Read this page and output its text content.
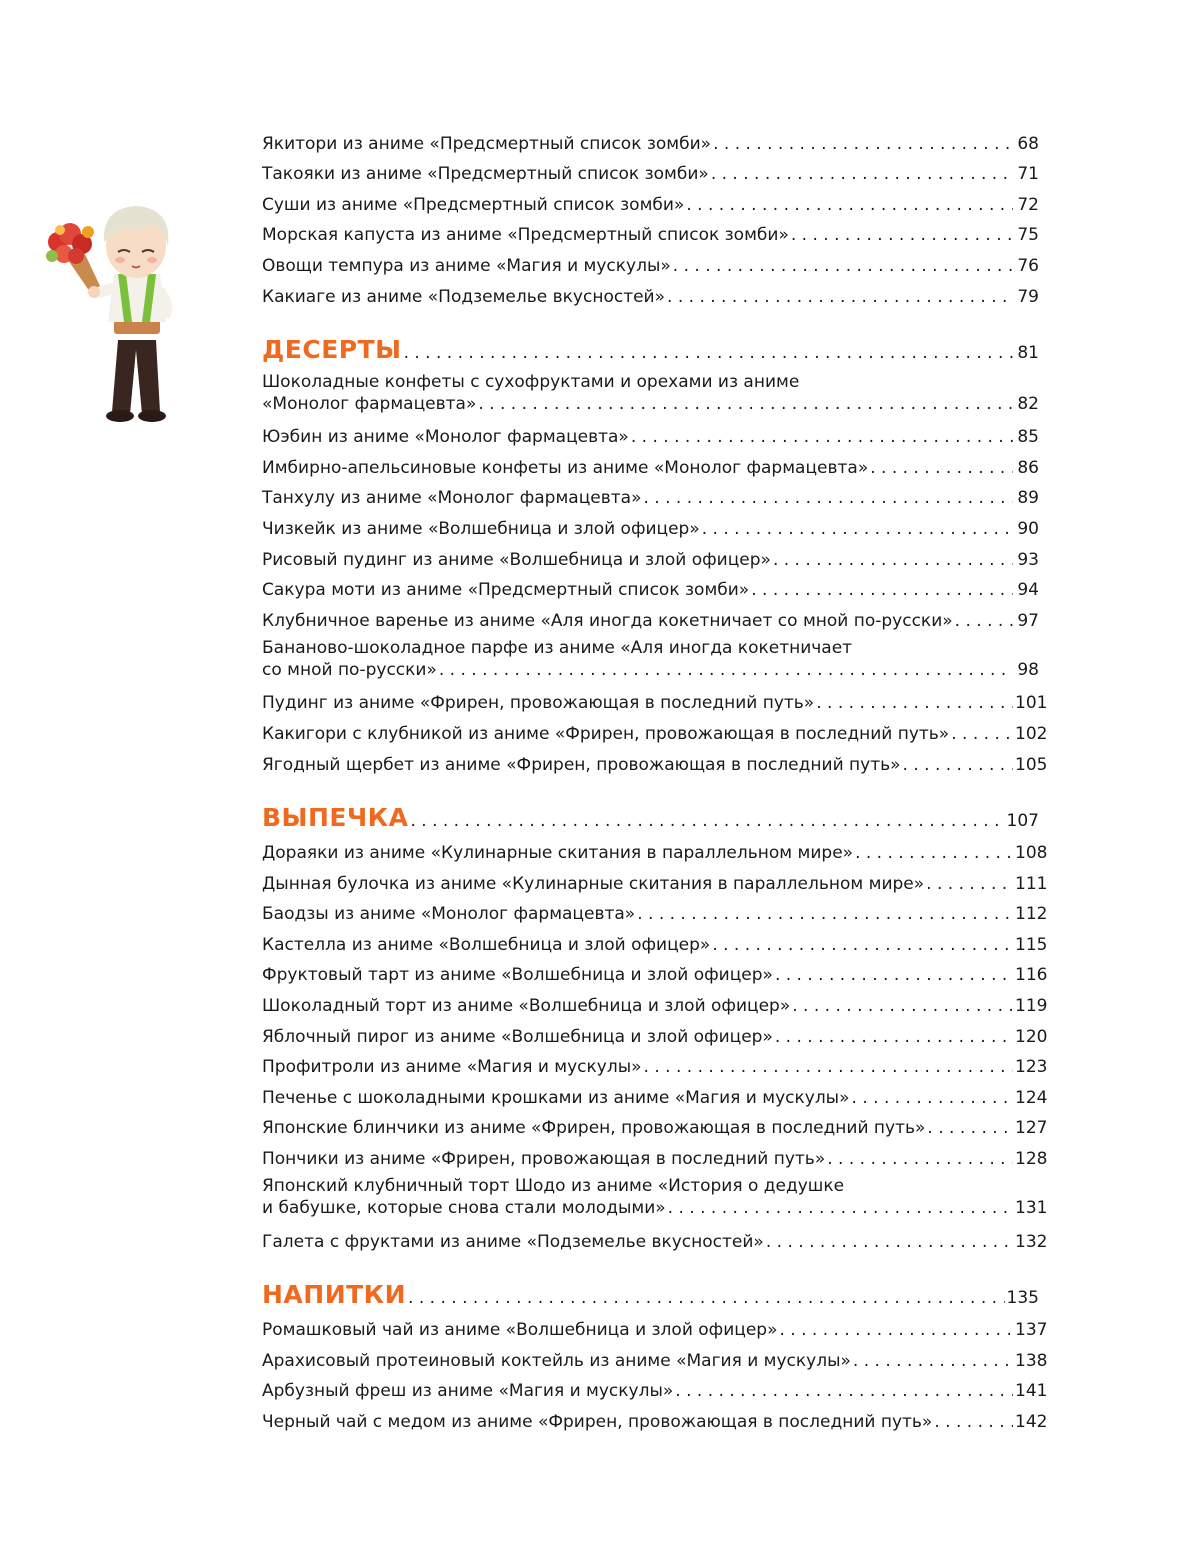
Якитори из аниме «Предсмертный список зомби» . . .	68
Такояки из аниме «Предсмертный список зомби» . . .	71
Суши из аниме «Предсмертный список зомби» . . .	72
Морская капуста из аниме «Предсмертный список зомби» . . .	75
Овощи темпура из аниме «Магия и мускулы» . . .	76
Какиаге из аниме «Подземелье вкусностей» . . .	79
ДЕСЕРТЫ . . .	81
Шоколадные конфеты с сухофруктами и орехами из аниме
«Монолог фармацевта» . . .	82
Юэбин из аниме «Монолог фармацевта» . . .	85
Имбирно-апельсиновые конфеты из аниме «Монолог фармацевта» . . .	86
Танхулу из аниме «Монолог фармацевта» . . .	89
Чизкейк из аниме «Волшебница и злой офицер» . . .	90
Рисовый пудинг из аниме «Волшебница и злой офицер» . . .	93
Сакура моти из аниме «Предсмертный список зомби» . . .	94
Клубничное варенье из аниме «Аля иногда кокетничает со мной по-русски» . . .	97
Бананово-шоколадное парфе из аниме «Аля иногда кокетничает
со мной по-русски» . . .	98
Пудинг из аниме «Фрирен, провожающая в последний путь» . . .	101
Какигори с клубникой из аниме «Фрирен, провожающая в последний путь» . . .	102
Ягодный щербет из аниме «Фрирен, провожающая в последний путь» . . .	105
ВЫПЕЧКА . . .	107
Дораяки из аниме «Кулинарные скитания в параллельном мире» . . .	108
Дынная булочка из аниме «Кулинарные скитания в параллельном мире» . . .	111
Баодзы из аниме «Монолог фармацевта» . . .	112
Кастелла из аниме «Волшебница и злой офицер» . . .	115
Фруктовый тарт из аниме «Волшебница и злой офицер» . . .	116
Шоколадный торт из аниме «Волшебница и злой офицер» . . .	119
Яблочный пирог из аниме «Волшебница и злой офицер» . . .	120
Профитроли из аниме «Магия и мускулы» . . .	123
Печенье с шоколадными крошками из аниме «Магия и мускулы» . . .	124
Японские блинчики из аниме «Фрирен, провожающая в последний путь» . . .	127
Пончики из аниме «Фрирен, провожающая в последний путь» . . .	128
Японский клубничный торт Шодо из аниме «История о дедушке
и бабушке, которые снова стали молодыми» . . .	131
Галета с фруктами из аниме «Подземелье вкусностей» . . .	132
НАПИТКИ . . .	135
Ромашковый чай из аниме «Волшебница и злой офицер» . . .	137
Арахисовый протеиновый коктейль из аниме «Магия и мускулы» . . .	138
Арбузный фреш из аниме «Магия и мускулы» . . .	141
Черный чай с медом из аниме «Фрирен, провожающая в последний путь» . . .	142
